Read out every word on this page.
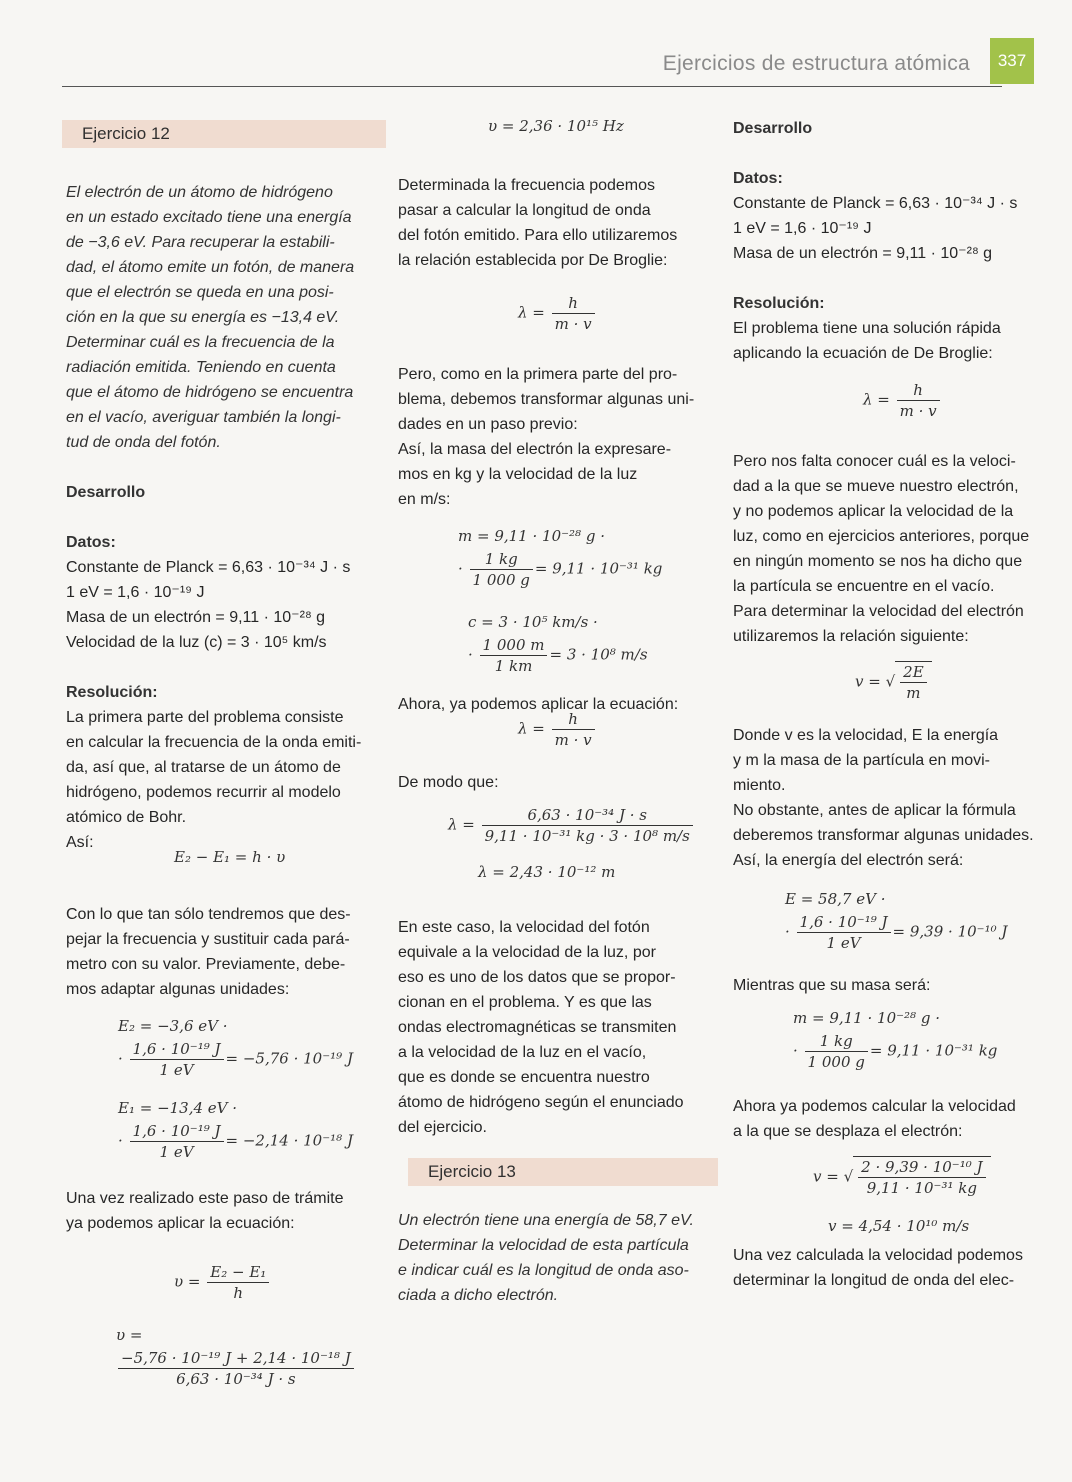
Ejercicios de estructura atómica	337
Ejercicio 12

El electrón de un átomo de hidrógeno

en un estado excitado tiene una energía

de −3,6 eV. Para recuperar la estabili-

dad, el átomo emite un fotón, de manera

que el electrón se queda en una posi-

ción en la que su energía es −13,4 eV.

Determinar cuál es la frecuencia de la

radiación emitida. Teniendo en cuenta

que el átomo de hidrógeno se encuentra

en el vacío, averiguar también la longi-

tud de onda del fotón.

Desarrollo
Datos:

Constante de Planck = 6,63 · 10⁻³⁴ J · s

1 eV = 1,6 · 10⁻¹⁹ J

Masa de un electrón = 9,11 · 10⁻²⁸ g

Velocidad de la luz (c) = 3 · 10⁵ km/s

Resolución:

La primera parte del problema consiste

en calcular la frecuencia de la onda emiti-

da, así que, al tratarse de un átomo de

hidrógeno, podemos recurrir al modelo

atómico de Bohr.

Así:

E₂ − E₁ = h · υ

Con lo que tan sólo tendremos que des-

pejar la frecuencia y sustituir cada pará-

metro con su valor. Previamente, debe-

mos adaptar algunas unidades:

E₂ = −3,6 eV ·
· $\frac{\text{1,6 · 10⁻¹⁹ J}}{1 eV} = -5,76 \cdot 10^{-19}$ J
E₁ = −13,4 eV ·
· $\frac{\text{1,6 · 10⁻¹⁹ J}}{1 eV} = -2,14 \cdot 10^{-18}$ J

Una vez realizado este paso de trámite

ya podemos aplicar la ecuación:

$\upsilon = \frac{\text{E₂ − E₁}}{h}$
υ =
$\frac{\text{−5,76 · 10⁻¹⁹ J + 2,14 · 10⁻¹⁸ J}}{\text{6,63 · 10⁻³⁴ J · s}}$
υ = 2,36 · 10¹⁵ Hz

Determinada la frecuencia podemos

pasar a calcular la longitud de onda

del fotón emitido. Para ello utilizaremos

la relación establecida por De Broglie:

$\lambda = \frac{h}{m \cdot v}$

Pero, como en la primera parte del pro-

blema, debemos transformar algunas uni-

dades en un paso previo:

Así, la masa del electrón la expresare-

mos en kg y la velocidad de la luz

en m/s:

m = 9,11 · 10⁻²⁸ g ·
· $\frac{1 kg}{1 000 g} = 9,11 \cdot 10^{-31}$ kg
c = 3 · 10⁵ km/s ·
· $\frac{1 000 m}{1 km} = 3 \cdot 10^8$ m/s

Ahora, ya podemos aplicar la ecuación:

$\lambda = \frac{h}{m \cdot v}$

De modo que:

$\lambda = \frac{\text{6,63 · 10⁻³⁴ J · s}}{\text{9,11 · 10⁻³¹ kg · 3 · 10⁸ m/s}}$
λ = 2,43 · 10⁻¹² m

En este caso, la velocidad del fotón

equivale a la velocidad de la luz, por

eso es uno de los datos que se propor-

cionan en el problema. Y es que las

ondas electromagnéticas se transmiten

a la velocidad de la luz en el vacío,

que es donde se encuentra nuestro

átomo de hidrógeno según el enunciado

del ejercicio.

Ejercicio 13

Un electrón tiene una energía de 58,7 eV.

Determinar la velocidad de esta partícula

e indicar cuál es la longitud de onda aso-

ciada a dicho electrón.

Desarrollo
Datos:

Constante de Planck = 6,63 · 10⁻³⁴ J · s

1 eV = 1,6 · 10⁻¹⁹ J

Masa de un electrón = 9,11 · 10⁻²⁸ g

Resolución:

El problema tiene una solución rápida

aplicando la ecuación de De Broglie:

$\lambda = \frac{h}{m \cdot v}$

Pero nos falta conocer cuál es la veloci-

dad a la que se mueve nuestro electrón,

y no podemos aplicar la velocidad de la

luz, como en ejercicios anteriores, porque

en ningún momento se nos ha dicho que

la partícula se encuentre en el vacío.

Para determinar la velocidad del electrón

utilizaremos la relación siguiente:

v = √ $\frac{2E}{m}$

Donde v es la velocidad, E la energía

y m la masa de la partícula en movi-

miento.

No obstante, antes de aplicar la fórmula

deberemos transformar algunas unidades.

Así, la energía del electrón será:

E = 58,7 eV ·
· $\frac{\text{1,6 · 10⁻¹⁹ J}}{1 eV} = 9,39 \cdot 10^{-10}$ J

Mientras que su masa será:

m = 9,11 · 10⁻²⁸ g ·
· $\frac{1 kg}{1 000 g} = 9,11 \cdot 10^{-31}$ kg

Ahora ya podemos calcular la velocidad

a la que se desplaza el electrón:

v = √ $\frac{\text{2 · 9,39 · 10⁻¹⁰ J}}{\text{9,11 · 10⁻³¹ kg}}$
v = 4,54 · 10¹⁰ m/s

Una vez calculada la velocidad podemos

determinar la longitud de onda del elec-
